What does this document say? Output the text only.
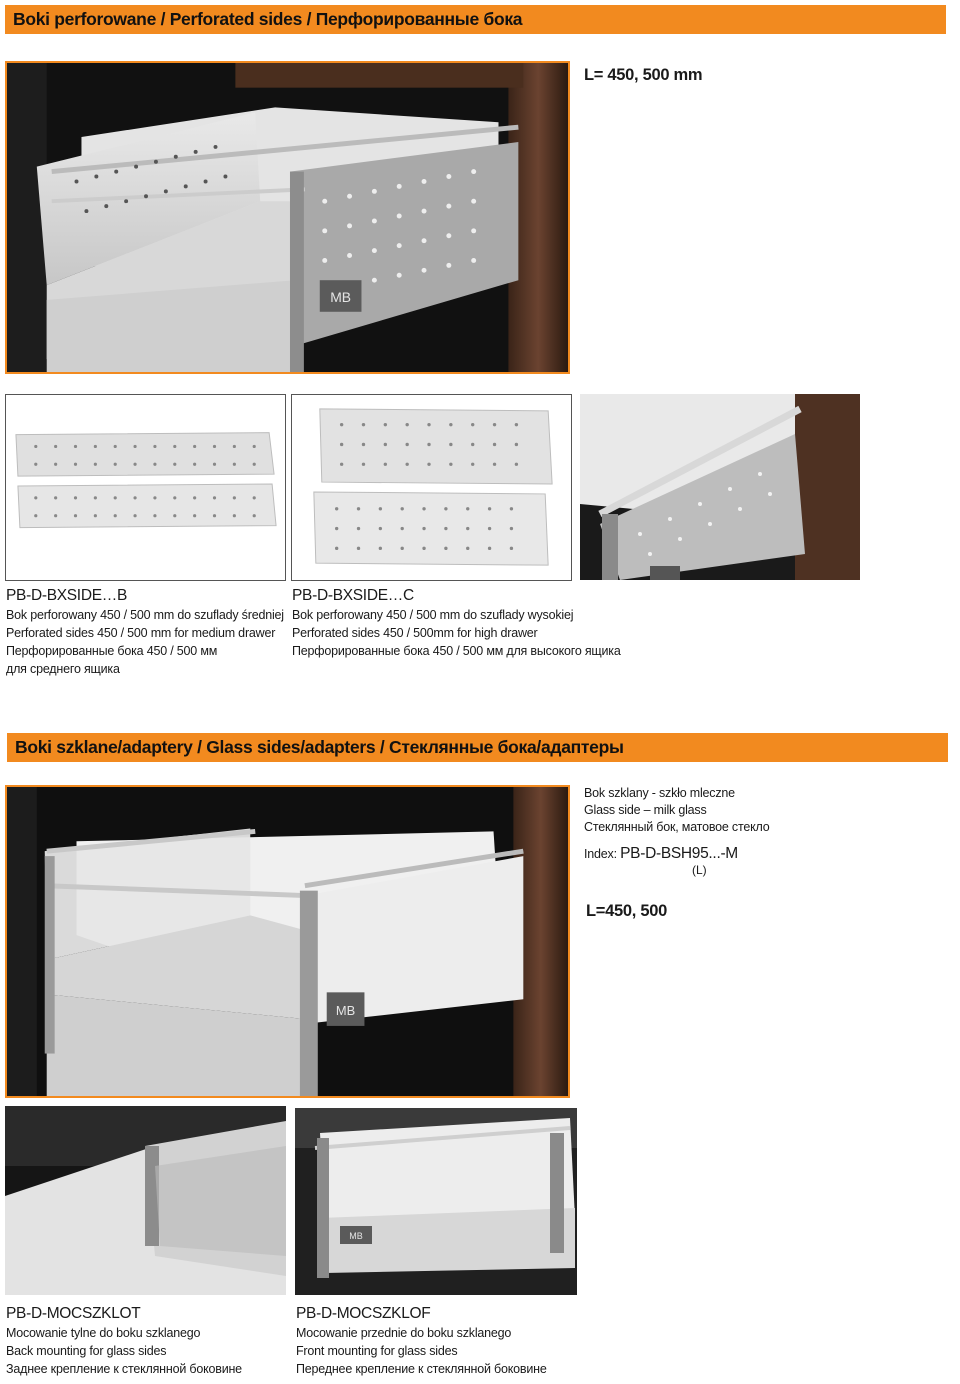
Boki perforowane / Perforated sides / Перфорированные бока
MB
L= 450, 500 mm
PB-D-BXSIDE…B
Bok perforowany 450 / 500 mm do szuflady średniej
Perforated sides 450 / 500 mm for medium drawer
Перфорированные бока 450 / 500 мм
для среднего ящика
PB-D-BXSIDE…C
Bok perforowany 450 / 500 mm do szuflady wysokiej
Perforated sides 450 / 500mm for high drawer
Перфорированные бока 450 / 500 мм для высокого ящика
Boki szklane/adaptery / Glass sides/adapters / Стеклянные бока/адаптеры
MB
Bok szklany - szkło mleczne
Glass side – milk glass
Стеклянный бок, матовое стекло
Index: PB-D-BSH95...-M
(L)
L=450, 500
MB
PB-D-MOCSZKLOT
Mocowanie tylne do boku szklanego
Back mounting for glass sides
Заднее крепление к стеклянной боковине
PB-D-MOCSZKLOF
Mocowanie przednie do boku szklanego
Front mounting for glass sides
Переднее крепление к стеклянной боковине
